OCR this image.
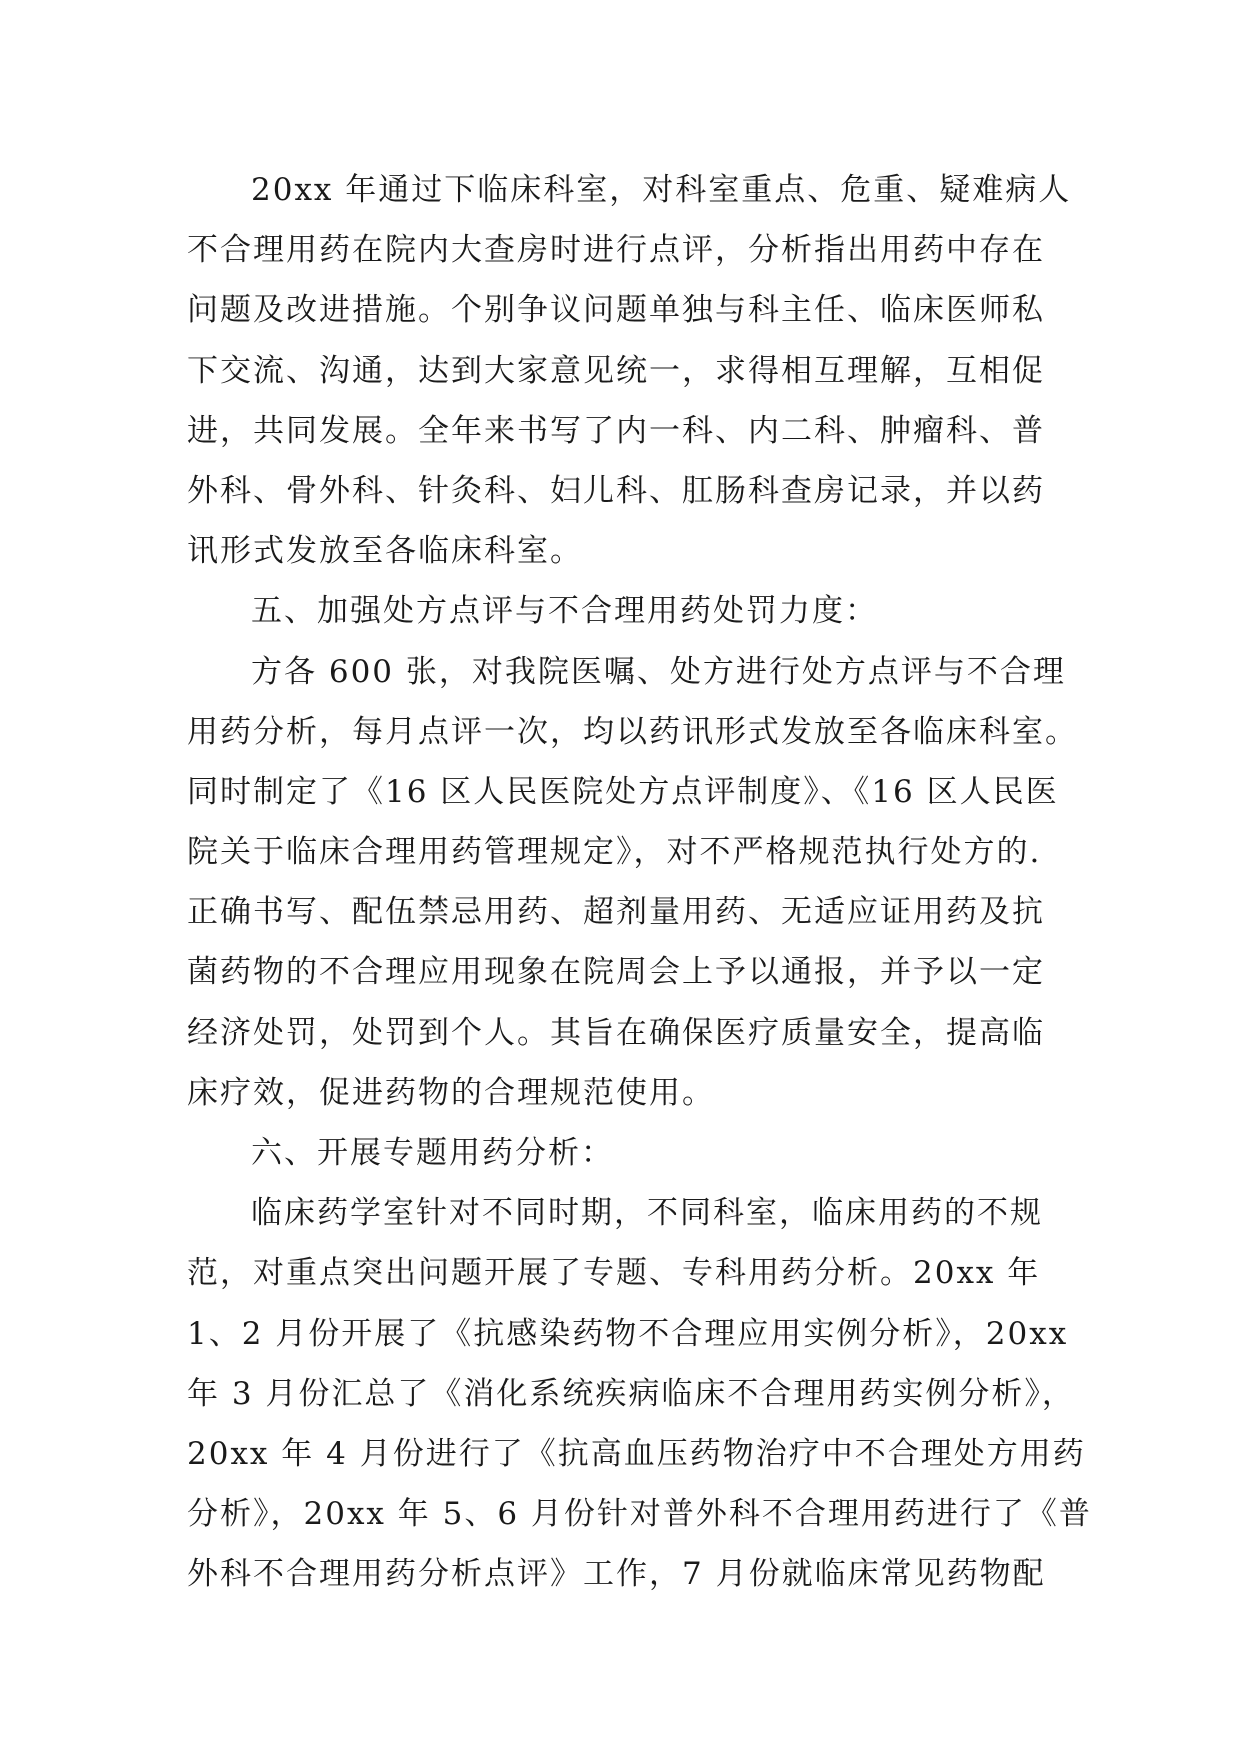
20xx 年通过下临床科室，对科室重点、危重、疑难病人
不合理用药在院内大查房时进行点评，分析指出用药中存在
问题及改进措施。个别争议问题单独与科主任、临床医师私
下交流、沟通，达到大家意见统一，求得相互理解，互相促
进，共同发展。全年来书写了内一科、内二科、肿瘤科、普
外科、骨外科、针灸科、妇儿科、肛肠科查房记录，并以药
讯形式发放至各临床科室。
五、加强处方点评与不合理用药处罚力度：
方各 600 张，对我院医嘱、处方进行处方点评与不合理
用药分析，每月点评一次，均以药讯形式发放至各临床科室。
同时制定了《16 区人民医院处方点评制度》、《16 区人民医
院关于临床合理用药管理规定》，对不严格规范执行处方的.
正确书写、配伍禁忌用药、超剂量用药、无适应证用药及抗
菌药物的不合理应用现象在院周会上予以通报，并予以一定
经济处罚，处罚到个人。其旨在确保医疗质量安全，提高临
床疗效，促进药物的合理规范使用。
六、开展专题用药分析：
临床药学室针对不同时期，不同科室，临床用药的不规
范，对重点突出问题开展了专题、专科用药分析。20xx 年
1、2 月份开展了《抗感染药物不合理应用实例分析》，20xx
年 3 月份汇总了《消化系统疾病临床不合理用药实例分析》，
20xx 年 4 月份进行了《抗高血压药物治疗中不合理处方用药
分析》，20xx 年 5、6 月份针对普外科不合理用药进行了《普
外科不合理用药分析点评》工作，7 月份就临床常见药物配
